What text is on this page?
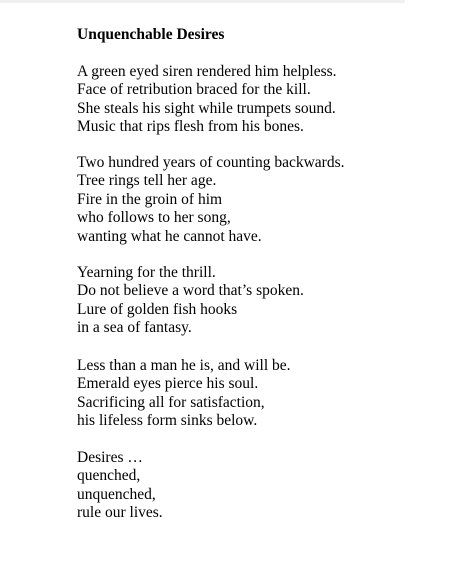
Unquenchable Desires
A green eyed siren rendered him helpless.
Face of retribution braced for the kill.
She steals his sight while trumpets sound.
Music that rips flesh from his bones.
Two hundred years of counting backwards.
Tree rings tell her age.
Fire in the groin of him
who follows to her song,
wanting what he cannot have.
Yearning for the thrill.
Do not believe a word that’s spoken.
Lure of golden fish hooks
in a sea of fantasy.
Less than a man he is, and will be.
Emerald eyes pierce his soul.
Sacrificing all for satisfaction,
his lifeless form sinks below.
Desires …
quenched,
unquenched,
rule our lives.
